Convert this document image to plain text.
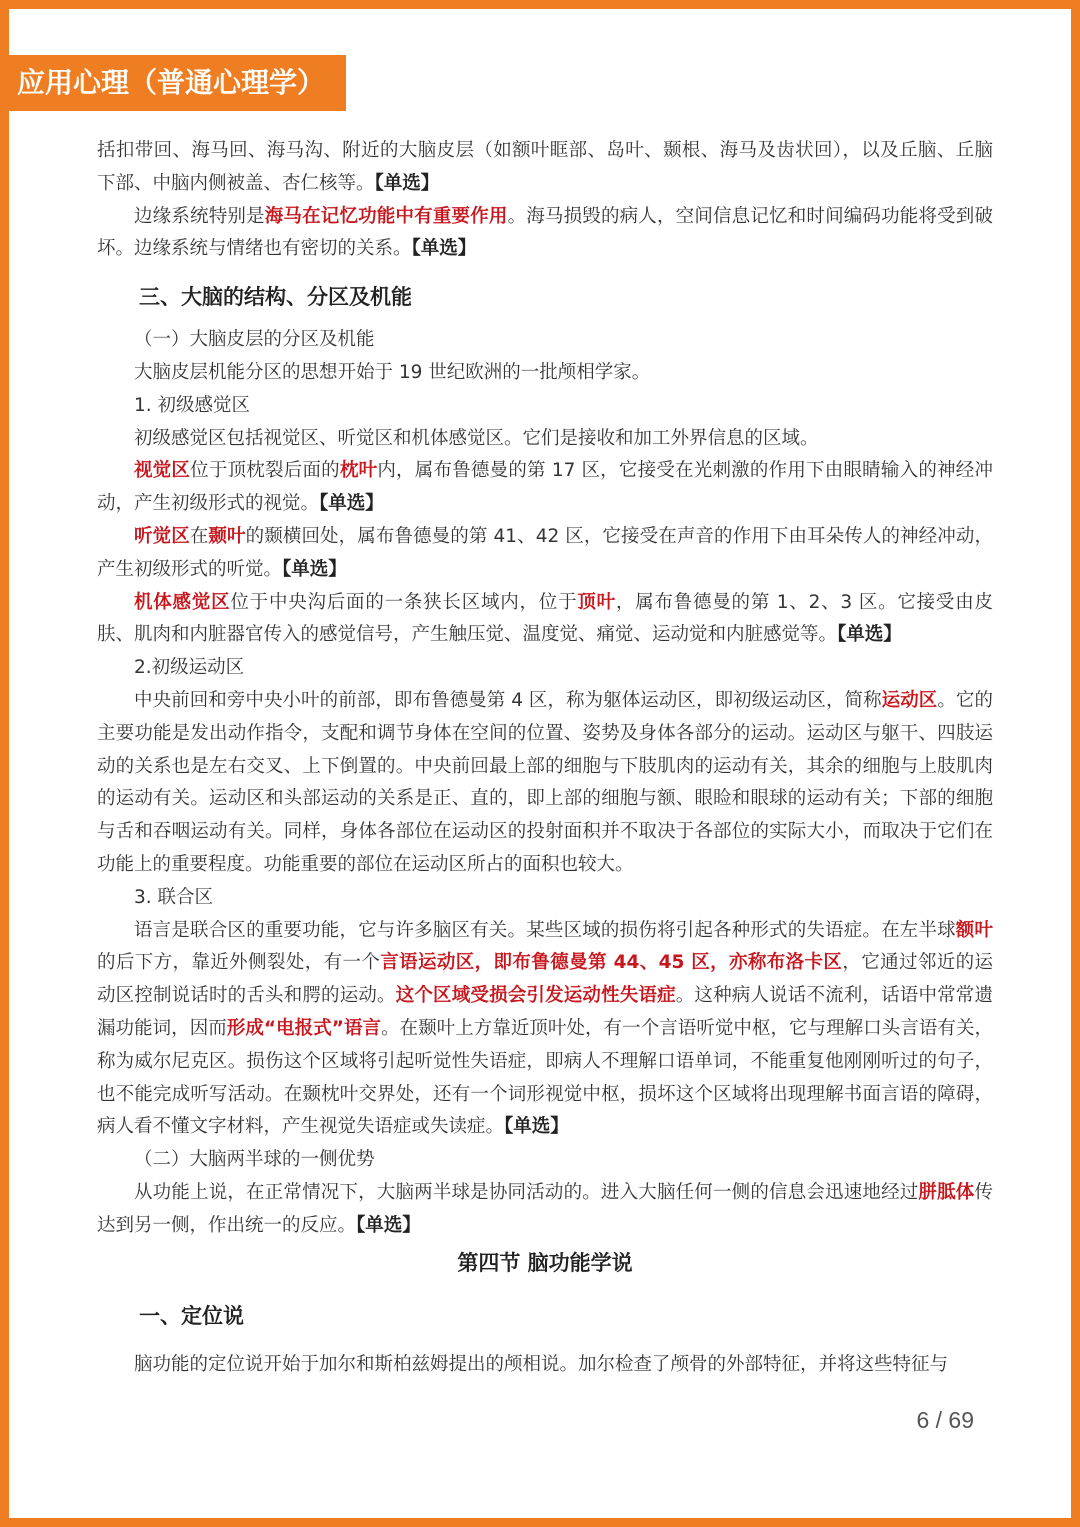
应用心理（普通心理学）

括扣带回、海马回、海马沟、附近的大脑皮层（如额叶眶部、岛叶、颞根、海马及齿状回），以及丘脑、丘脑下部、中脑内侧被盖、杏仁核等。【单选】

边缘系统特别是海马在记忆功能中有重要作用。海马损毁的病人，空间信息记忆和时间编码功能将受到破坏。边缘系统与情绪也有密切的关系。【单选】

三、大脑的结构、分区及机能

（一）大脑皮层的分区及机能

大脑皮层机能分区的思想开始于 19 世纪欧洲的一批颅相学家。

1. 初级感觉区

初级感觉区包括视觉区、听觉区和机体感觉区。它们是接收和加工外界信息的区域。

视觉区位于顶枕裂后面的枕叶内，属布鲁德曼的第 17 区，它接受在光刺激的作用下由眼睛输入的神经冲动，产生初级形式的视觉。【单选】

听觉区在颞叶的颞横回处，属布鲁德曼的第 41、42 区，它接受在声音的作用下由耳朵传人的神经冲动，产生初级形式的听觉。【单选】

机体感觉区位于中央沟后面的一条狭长区域内，位于顶叶，属布鲁德曼的第 1、2、3 区。它接受由皮肤、肌肉和内脏器官传入的感觉信号，产生触压觉、温度觉、痛觉、运动觉和内脏感觉等。【单选】

2.初级运动区

中央前回和旁中央小叶的前部，即布鲁德曼第 4 区，称为躯体运动区，即初级运动区，简称运动区。它的主要功能是发出动作指令，支配和调节身体在空间的位置、姿势及身体各部分的运动。运动区与躯干、四肢运动的关系也是左右交叉、上下倒置的。中央前回最上部的细胞与下肢肌肉的运动有关，其余的细胞与上肢肌肉的运动有关。运动区和头部运动的关系是正、直的，即上部的细胞与额、眼睑和眼球的运动有关；下部的细胞与舌和吞咽运动有关。同样，身体各部位在运动区的投射面积并不取决于各部位的实际大小，而取决于它们在功能上的重要程度。功能重要的部位在运动区所占的面积也较大。

3. 联合区

语言是联合区的重要功能，它与许多脑区有关。某些区域的损伤将引起各种形式的失语症。在左半球额叶的后下方，靠近外侧裂处，有一个言语运动区，即布鲁德曼第 44、45 区，亦称布洛卡区，它通过邻近的运动区控制说话时的舌头和腭的运动。这个区域受损会引发运动性失语症。这种病人说话不流利，话语中常常遗漏功能词，因而形成“电报式”语言。在颞叶上方靠近顶叶处，有一个言语听觉中枢，它与理解口头言语有关，称为威尔尼克区。损伤这个区域将引起听觉性失语症，即病人不理解口语单词，不能重复他刚刚听过的句子，也不能完成听写活动。在颞枕叶交界处，还有一个词形视觉中枢，损坏这个区域将出现理解书面言语的障碍，病人看不懂文字材料，产生视觉失语症或失读症。【单选】

（二）大脑两半球的一侧优势

从功能上说，在正常情况下，大脑两半球是协同活动的。进入大脑任何一侧的信息会迅速地经过胼胝体传达到另一侧，作出统一的反应。【单选】

第四节 脑功能学说
一、定位说

脑功能的定位说开始于加尔和斯柏兹姆提出的颅相说。加尔检查了颅骨的外部特征，并将这些特征与

6 / 69
